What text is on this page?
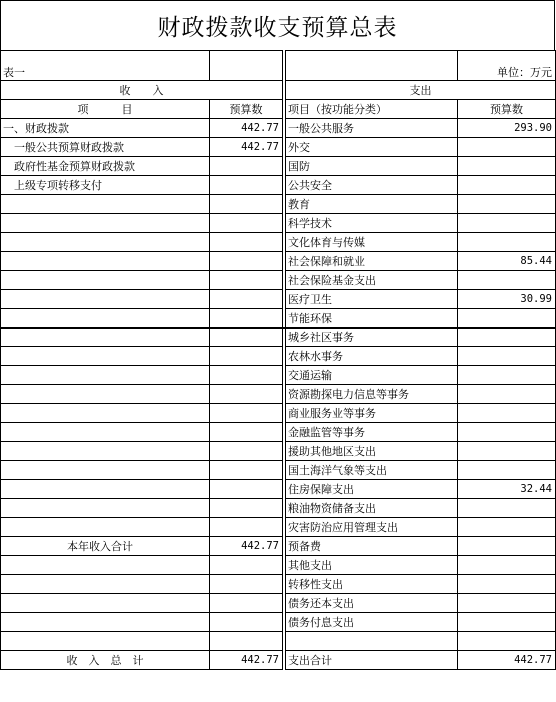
财政拨款收支预算总表
表一				单位：万元
收　　入			支出	
项　　　目	预算数		项目（按功能分类）	预算数
一、财政拨款	442.77		一般公共服务	293.90
　一般公共预算财政拨款	442.77		外交	
　政府性基金预算财政拨款			国防	
　上级专项转移支付			公共安全	
			教育	
			科学技术	
			文化体育与传媒	
			社会保障和就业	85.44
			社会保险基金支出	
			医疗卫生	30.99
			节能环保	
			城乡社区事务	
			农林水事务	
			交通运输	
			资源勘探电力信息等事务	
			商业服务业等事务	
			金融监管等事务	
			援助其他地区支出	
			国土海洋气象等支出	
			住房保障支出	32.44
			粮油物资储备支出	
			灾害防治应用管理支出	
本年收入合计	442.77		预备费	
			其他支出	
			转移性支出	
			债务还本支出	
			债务付息支出	

收　入　总　计	442.77		支出合计	442.77
